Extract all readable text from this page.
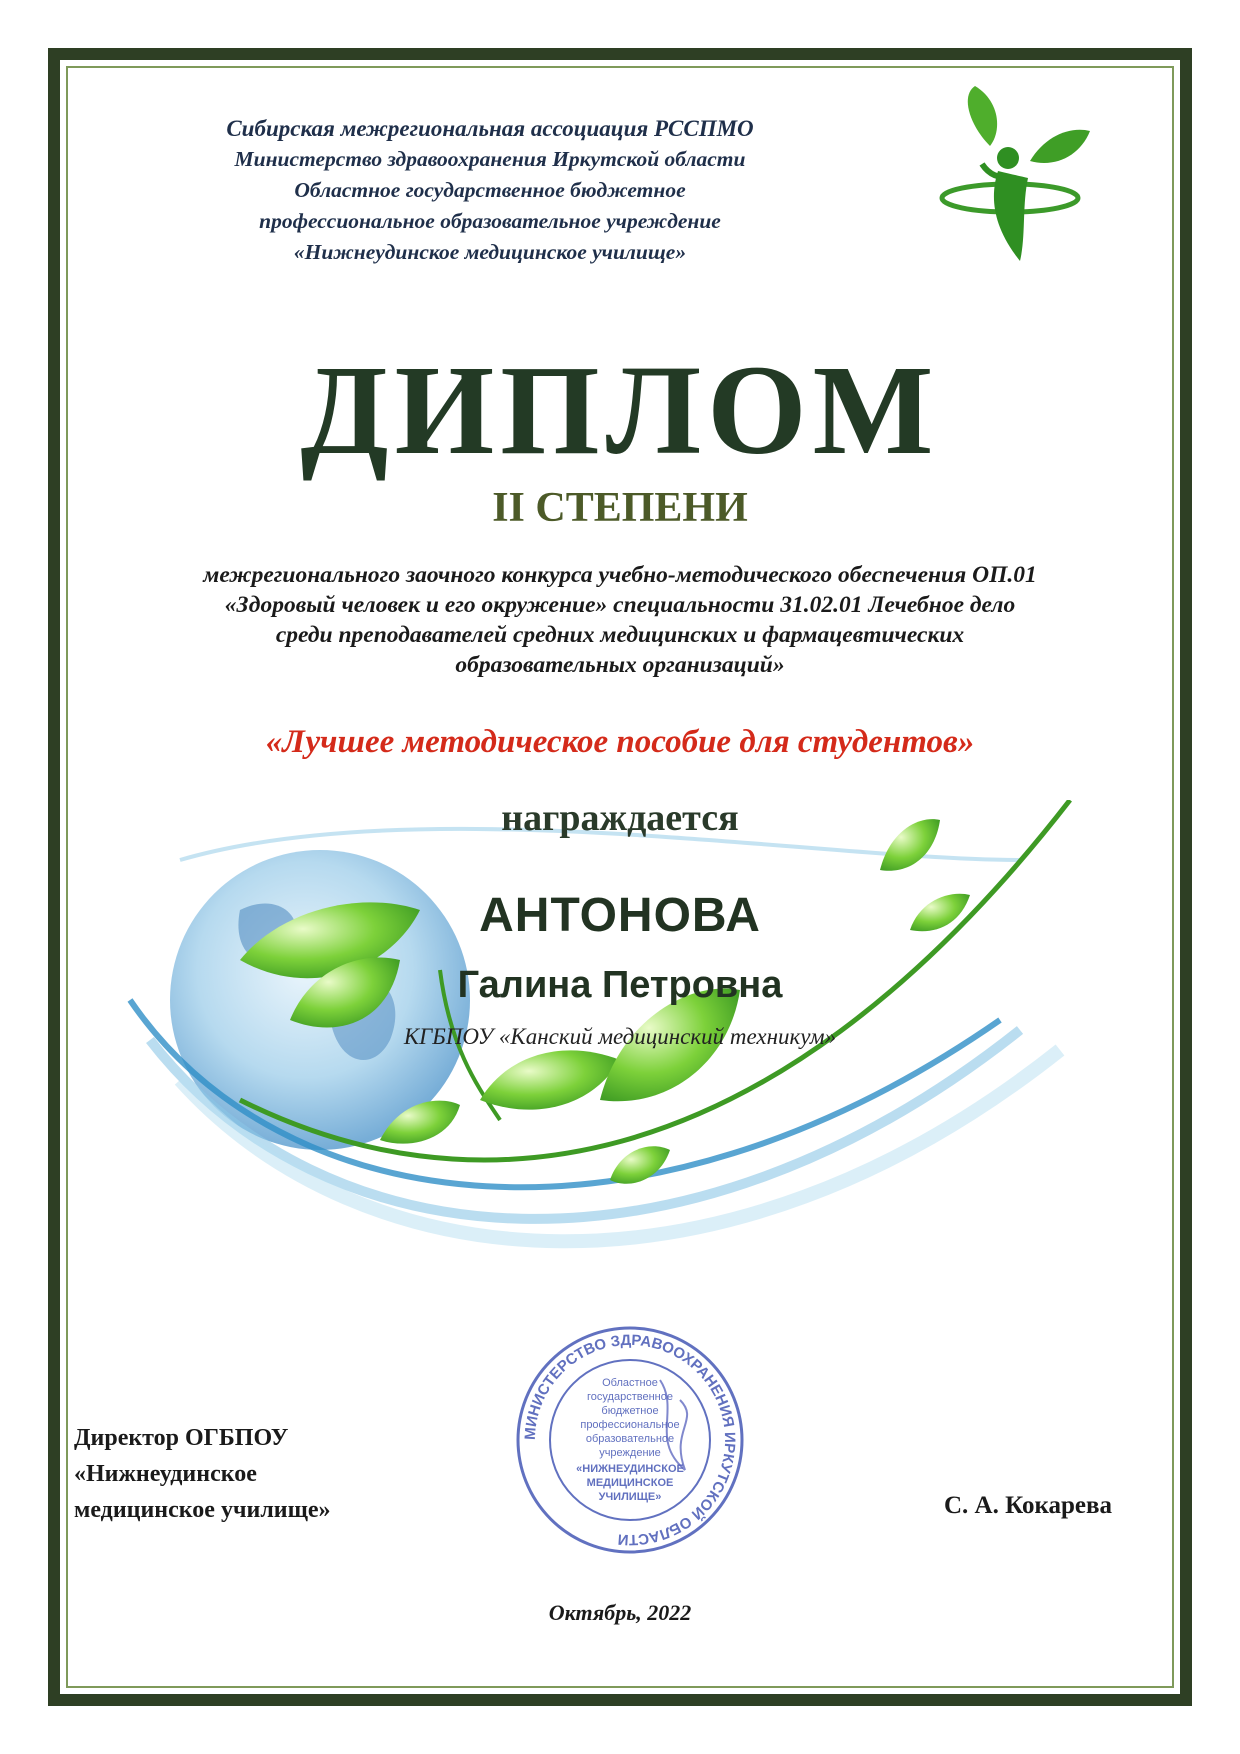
Сибирская межрегиональная ассоциация РССПМО
Министерство здравоохранения Иркутской области
Областное государственное бюджетное
профессиональное образовательное учреждение
«Нижнеудинское медицинское училище»
ДИПЛОМ
II СТЕПЕНИ
межрегионального заочного конкурса учебно-методического обеспечения ОП.01
«Здоровый человек и его окружение» специальности 31.02.01 Лечебное дело
среди преподавателей средних медицинских и фармацевтических
образовательных организаций»
«Лучшее методическое пособие для студентов»
награждается
АНТОНОВА
Галина Петровна
КГБПОУ «Канский медицинский техникум»
МИНИСТЕРСТВО ЗДРАВООХРАНЕНИЯ ИРКУТСКОЙ ОБЛАСТИ
Областное
государственное
бюджетное
профессиональное
образовательное
учреждение
«НИЖНЕУДИНСКОЕ
МЕДИЦИНСКОЕ
УЧИЛИЩЕ»
Директор ОГБПОУ
«Нижнеудинское
медицинское училище»	С. А. Кокарева
Октябрь, 2022
